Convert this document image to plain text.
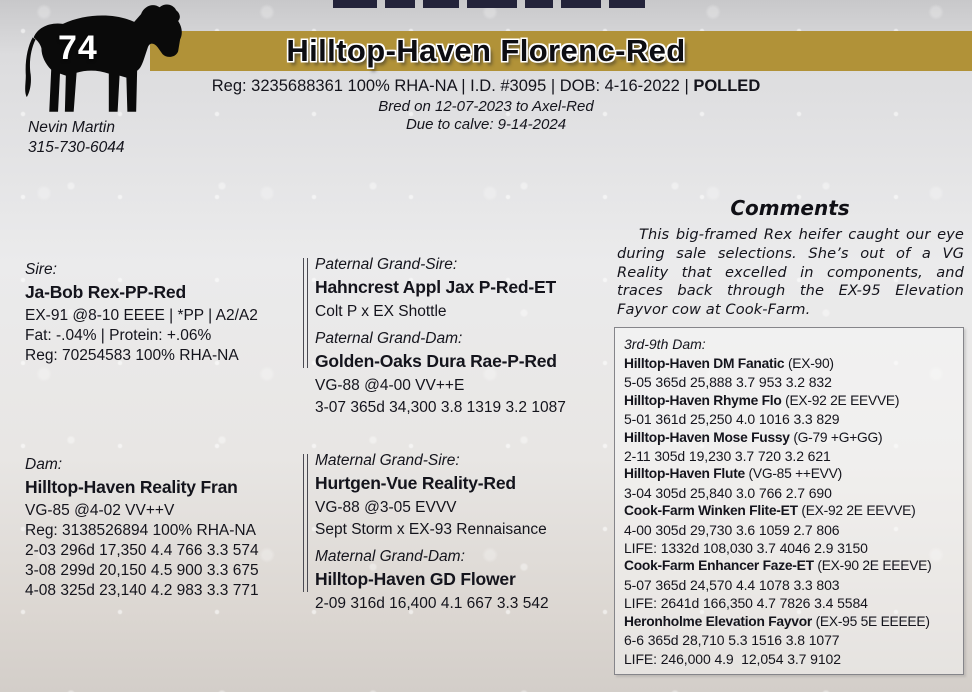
Hilltop-Haven Florenc-Red

Reg: 3235688361 100% RHA-NA | I.D. #3095 | DOB: 4-16-2022 | POLLED

Bred on 12-07-2023 to Axel-Red

Due to calve: 9-14-2024

74

Nevin Martin

315-730-6044

Sire:

Ja-Bob Rex-PP-Red

EX-91 @8-10 EEEE | *PP | A2/A2

Fat: -.04% | Protein: +.06%

Reg: 70254583 100% RHA-NA

Dam:

Hilltop-Haven Reality Fran

VG-85 @4-02 VV++V

Reg: 3138526894 100% RHA-NA

2-03 296d 17,350 4.4 766 3.3 574

3-08 299d 20,150 4.5 900 3.3 675

4-08 325d 23,140 4.2 983 3.3 771

Paternal Grand-Sire:

Hahncrest Appl Jax P-Red-ET

Colt P x EX Shottle

Paternal Grand-Dam:

Golden-Oaks Dura Rae-P-Red

VG-88 @4-00 VV++E

3-07 365d 34,300 3.8 1319 3.2 1087

Maternal Grand-Sire:

Hurtgen-Vue Reality-Red

VG-88 @3-05 EVVV

Sept Storm x EX-93 Rennaisance

Maternal Grand-Dam:

Hilltop-Haven GD Flower

2-09 316d 16,400 4.1 667 3.3 542

Comments

This big-framed Rex heifer caught our eye during sale selections. She’s out of a VG Reality that excelled in components, and traces back through the EX-95 Elevation Fayvor cow at Cook-Farm.

3rd-9th Dam:

Hilltop-Haven DM Fanatic (EX-90)

5-05 365d 25,888 3.7 953 3.2 832

Hilltop-Haven Rhyme Flo (EX-92 2E EEVVE)

5-01 361d 25,250 4.0 1016 3.3 829

Hilltop-Haven Mose Fussy (G-79 +G+GG)

2-11 305d 19,230 3.7 720 3.2 621

Hilltop-Haven Flute (VG-85 ++EVV)

3-04 305d 25,840 3.0 766 2.7 690

Cook-Farm Winken Flite-ET (EX-92 2E EEVVE)

4-00 305d 29,730 3.6 1059 2.7 806

LIFE: 1332d 108,030 3.7 4046 2.9 3150

Cook-Farm Enhancer Faze-ET (EX-90 2E EEEVE)

5-07 365d 24,570 4.4 1078 3.3 803

LIFE: 2641d 166,350 4.7 7826 3.4 5584

Heronholme Elevation Fayvor (EX-95 5E EEEEE)

6-6 365d 28,710 5.3 1516 3.8 1077

LIFE: 246,000 4.9  12,054 3.7 9102
